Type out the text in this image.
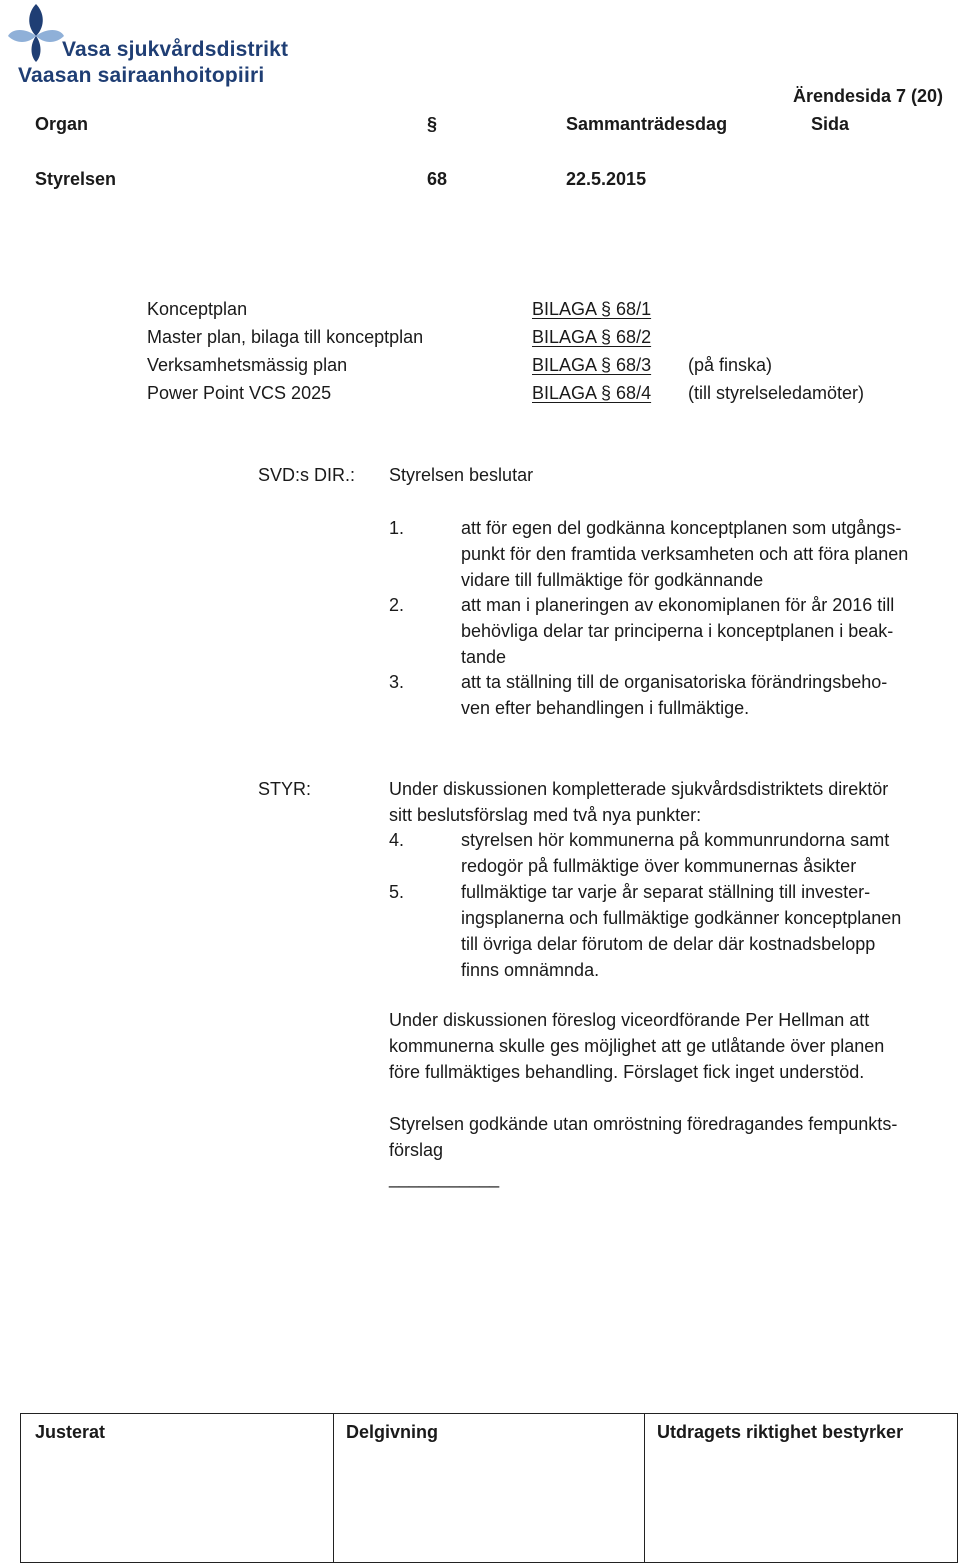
Vasa sjukvårdsdistrikt
Vaasan sairaanhoitopiiri
Ärendesida 7 (20)
Organ	§	Sammanträdesdag	Sida
Styrelsen	68	22.5.2015
Konceptplan	BILAGA § 68/1
Master plan, bilaga till konceptplan	BILAGA § 68/2
Verksamhetsmässig plan	BILAGA § 68/3 (på finska)
Power Point VCS 2025	BILAGA § 68/4 (till styrelseledamöter)
SVD:s DIR.: Styrelsen beslutar
1.	att för egen del godkänna konceptplanen som utgångs-
punkt för den framtida verksamheten och att föra planen
vidare till fullmäktige för godkännande
2.	att man i planeringen av ekonomiplanen för år 2016 till
behövliga delar tar principerna i konceptplanen i beak-
tande
3.	att ta ställning till de organisatoriska förändringsbeho-
ven efter behandlingen i fullmäktige.
STYR:	Under diskussionen kompletterade sjukvårdsdistriktets direktör
sitt beslutsförslag med två nya punkter:
4.	styrelsen hör kommunerna på kommunrundorna samt
redogör på fullmäktige över kommunernas åsikter
5.	fullmäktige tar varje år separat ställning till invester-
ingsplanerna och fullmäktige godkänner konceptplanen
till övriga delar förutom de delar där kostnadsbelopp
finns omnämnda.
Under diskussionen föreslog viceordförande Per Hellman att
kommunerna skulle ges möjlighet att ge utlåtande över planen
före fullmäktiges behandling. Förslaget fick inget understöd.
Styrelsen godkände utan omröstning föredragandes fempunkts-
förslag
___________
Justerat	Delgivning	Utdragets riktighet bestyrker
